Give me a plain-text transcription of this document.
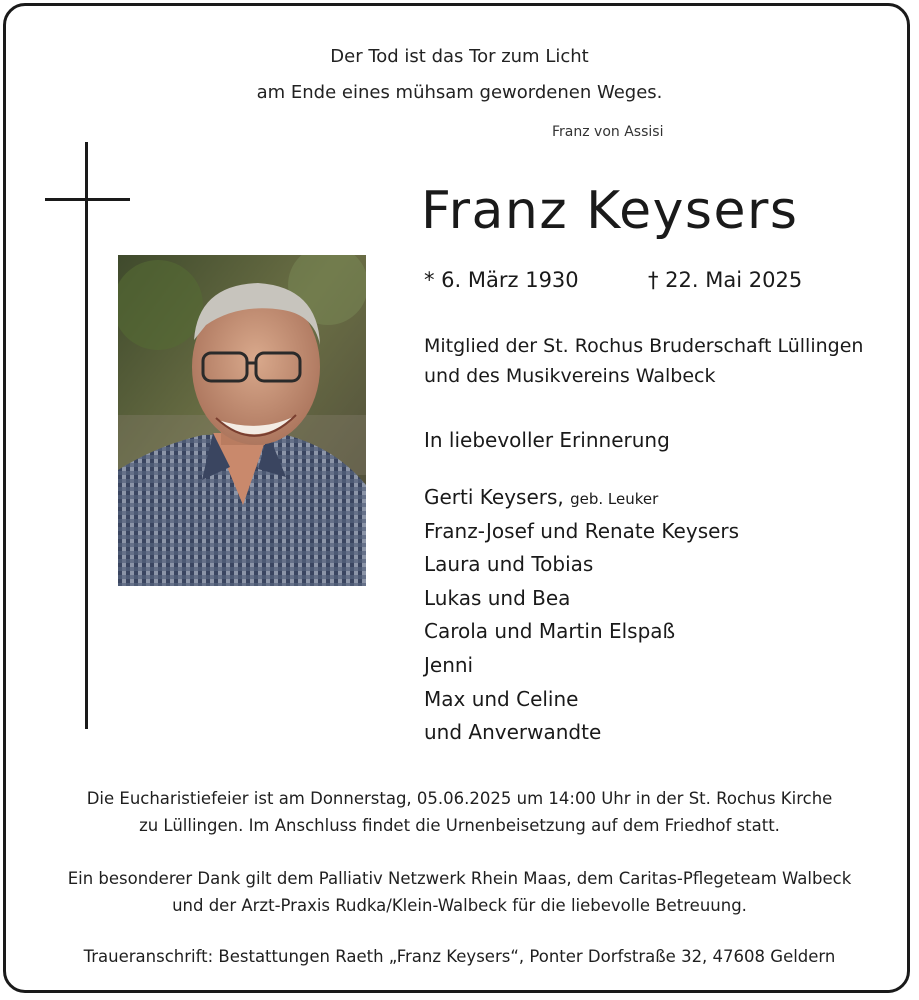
Der Tod ist das Tor zum Licht
am Ende eines mühsam gewordenen Weges.
Franz von Assisi
Franz Keysers
* 6. März 1930	† 22. Mai 2025
Mitglied der St. Rochus Bruderschaft Lüllingen
und des Musikvereins Walbeck
In liebevoller Erinnerung
Gerti Keysers, geb. Leuker
Franz-Josef und Renate Keysers
Laura und Tobias
Lukas und Bea
Carola und Martin Elspaß
Jenni
Max und Celine
und Anverwandte
Die Eucharistiefeier ist am Donnerstag, 05.06.2025 um 14:00 Uhr in der St. Rochus Kirche
zu Lüllingen. Im Anschluss findet die Urnenbeisetzung auf dem Friedhof statt.
Ein besonderer Dank gilt dem Palliativ Netzwerk Rhein Maas, dem Caritas-Pflegeteam Walbeck
und der Arzt-Praxis Rudka/Klein-Walbeck für die liebevolle Betreuung.
Traueranschrift: Bestattungen Raeth „Franz Keysers“, Ponter Dorfstraße 32, 47608 Geldern
